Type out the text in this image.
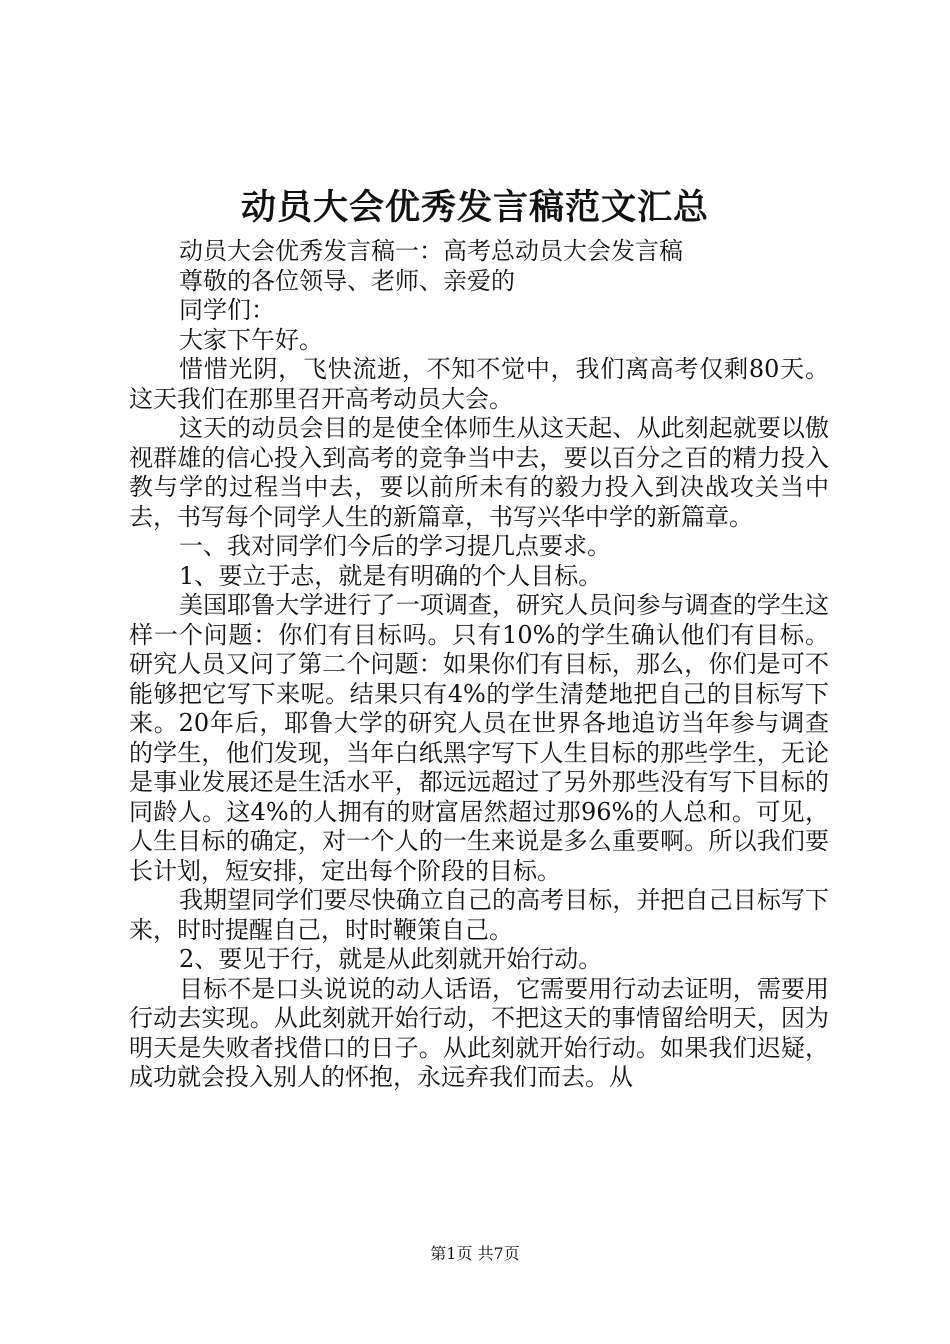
动员大会优秀发言稿范文汇总

动员大会优秀发言稿一：高考总动员大会发言稿

尊敬的各位领导、老师、亲爱的

同学们：

大家下午好。

惜惜光阴，飞快流逝，不知不觉中，我们离高考仅剩80天。这天我们在那里召开高考动员大会。

这天的动员会目的是使全体师生从这天起、从此刻起就要以傲视群雄的信心投入到高考的竞争当中去，要以百分之百的精力投入教与学的过程当中去，要以前所未有的毅力投入到决战攻关当中去，书写每个同学人生的新篇章，书写兴华中学的新篇章。

一、我对同学们今后的学习提几点要求。

1、要立于志，就是有明确的个人目标。

美国耶鲁大学进行了一项调查，研究人员问参与调查的学生这样一个问题：你们有目标吗。只有10%的学生确认他们有目标。研究人员又问了第二个问题：如果你们有目标，那么，你们是可不能够把它写下来呢。结果只有4%的学生清楚地把自己的目标写下来。20年后，耶鲁大学的研究人员在世界各地追访当年参与调查的学生，他们发现，当年白纸黑字写下人生目标的那些学生，无论是事业发展还是生活水平，都远远超过了另外那些没有写下目标的同龄人。这4%的人拥有的财富居然超过那96%的人总和。可见，人生目标的确定，对一个人的一生来说是多么重要啊。所以我们要长计划，短安排，定出每个阶段的目标。

我期望同学们要尽快确立自己的高考目标，并把自己目标写下来，时时提醒自己，时时鞭策自己。

2、要见于行，就是从此刻就开始行动。

目标不是口头说说的动人话语，它需要用行动去证明，需要用行动去实现。从此刻就开始行动，不把这天的事情留给明天，因为明天是失败者找借口的日子。从此刻就开始行动。如果我们迟疑，成功就会投入别人的怀抱，永远弃我们而去。从

第1页 共7页
